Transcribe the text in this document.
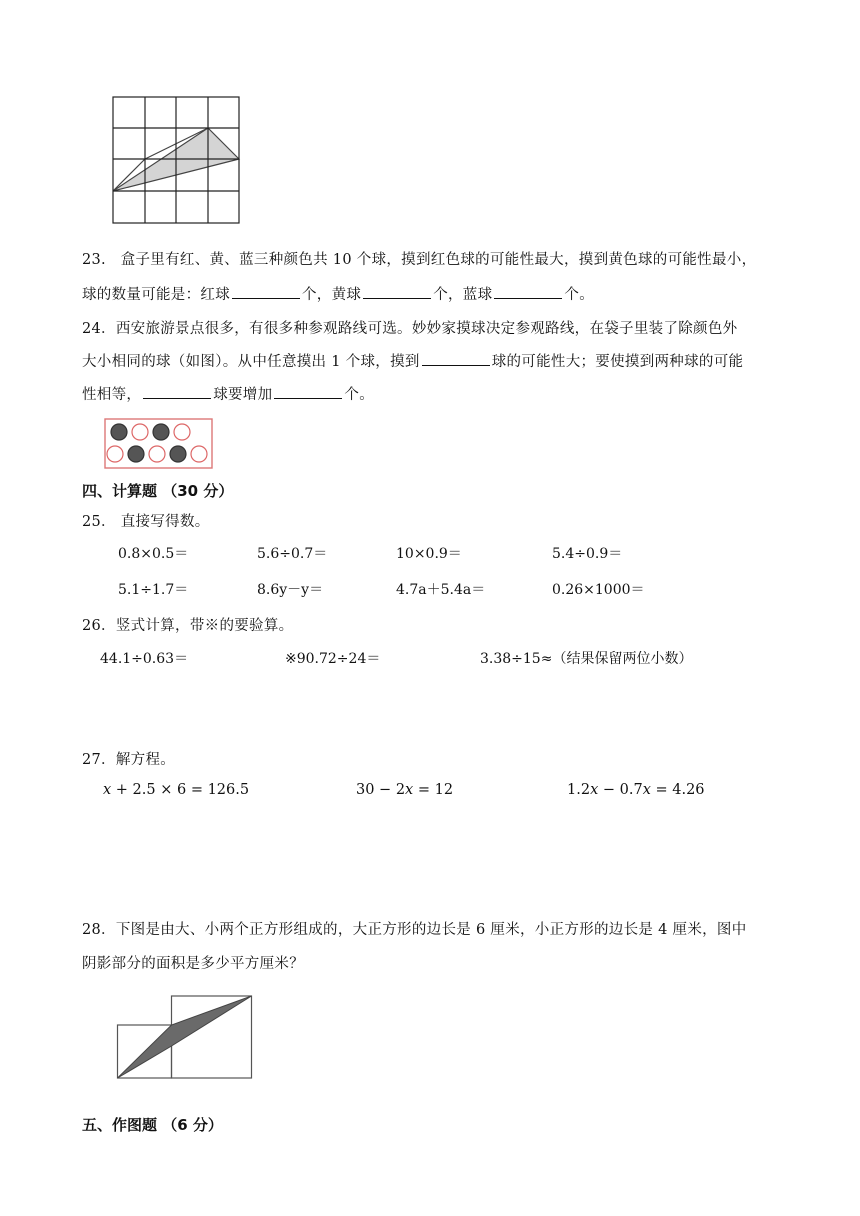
23. 盒子里有红、黄、蓝三种颜色共 10 个球，摸到红色球的可能性最大，摸到黄色球的可能性最小，
球的数量可能是：红球	个，黄球	个，蓝球	个。
24．西安旅游景点很多，有很多种参观路线可选。妙妙家摸球决定参观路线，在袋子里装了除颜色外
大小相同的球（如图）。从中任意摸出 1 个球，摸到	球的可能性大；要使摸到两种球的可能
性相等，	球要增加	个。
四、计算题 （30 分）
25． 直接写得数。
0.8×0.5＝	5.6÷0.7＝	10×0.9＝	5.4÷0.9＝
5.1÷1.7＝	8.6y－y＝	4.7a＋5.4a＝	0.26×1000＝
26．竖式计算，带※的要验算。
44.1÷0.63＝	※90.72÷24＝	3.38÷15≈（结果保留两位小数）
27．解方程。
x + 2.5 × 6 = 126.5	30 − 2x = 12	1.2x − 0.7x = 4.26
28．下图是由大、小两个正方形组成的，大正方形的边长是 6 厘米，小正方形的边长是 4 厘米，图中
阴影部分的面积是多少平方厘米？
五、作图题 （6 分）
